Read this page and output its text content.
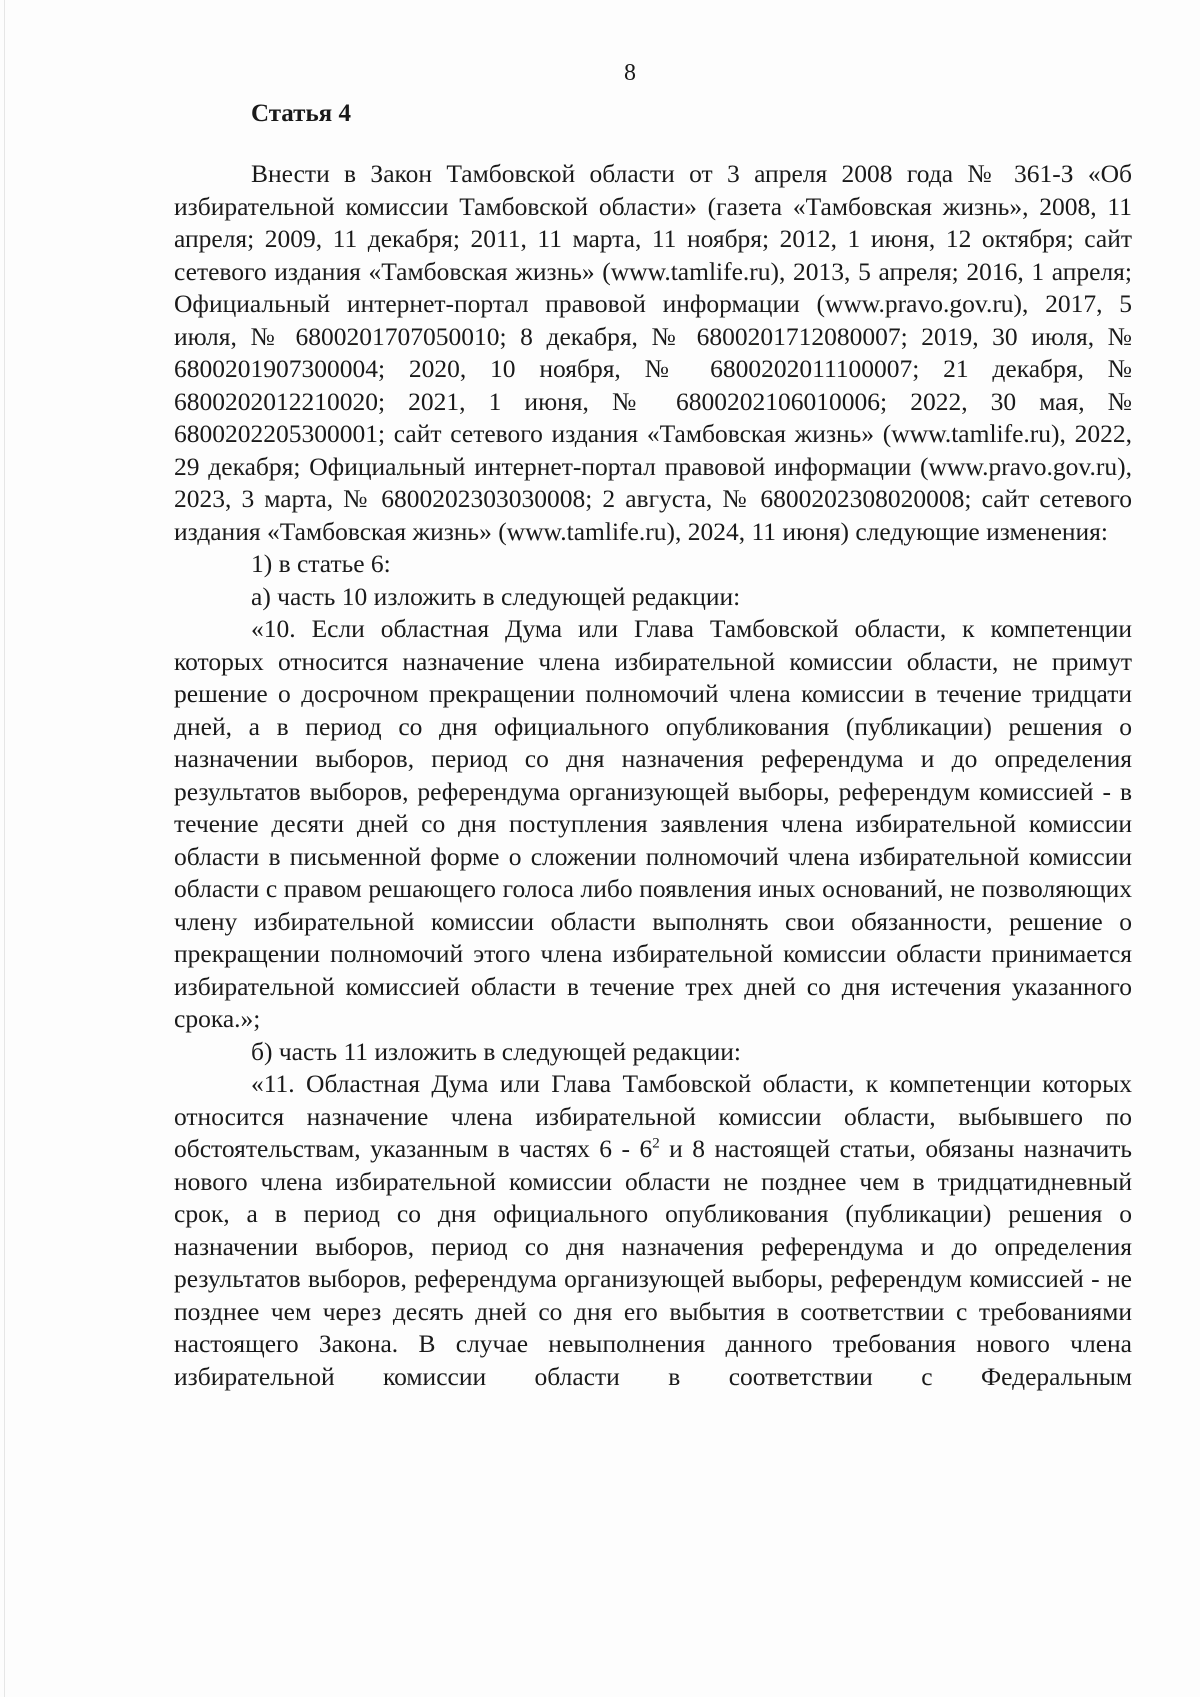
8
Статья 4

Внести в Закон Тамбовской области от 3 апреля 2008 года № 361-З «Об избирательной комиссии Тамбовской области» (газета «Тамбовская жизнь», 2008, 11 апреля; 2009, 11 декабря; 2011, 11 марта, 11 ноября; 2012, 1 июня, 12 октября; сайт сетевого издания «Тамбовская жизнь» (www.tamlife.ru), 2013, 5 апреля; 2016, 1 апреля; Официальный интернет-портал правовой информации (www.pravo.gov.ru), 2017, 5 июля, № 6800201707050010; 8 декабря, № 6800201712080007; 2019, 30 июля, № 6800201907300004; 2020, 10 ноября, № 6800202011100007; 21 декабря, № 6800202012210020; 2021, 1 июня, № 6800202106010006; 2022, 30 мая, № 6800202205300001; сайт сетевого издания «Тамбовская жизнь» (www.tamlife.ru), 2022, 29 декабря; Официальный интернет-портал правовой информации (www.pravo.gov.ru), 2023, 3 марта, № 6800202303030008; 2 августа, № 6800202308020008; сайт сетевого издания «Тамбовская жизнь» (www.tamlife.ru), 2024, 11 июня) следующие изменения:

1) в статье 6:

а) часть 10 изложить в следующей редакции:

«10. Если областная Дума или Глава Тамбовской области, к компетенции которых относится назначение члена избирательной комиссии области, не примут решение о досрочном прекращении полномочий члена комиссии в течение тридцати дней, а в период со дня официального опубликования (публикации) решения о назначении выборов, период со дня назначения референдума и до определения результатов выборов, референдума организующей выборы, референдум комиссией - в течение десяти дней со дня поступления заявления члена избирательной комиссии области в письменной форме о сложении полномочий члена избирательной комиссии области с правом решающего голоса либо появления иных оснований, не позволяющих члену избирательной комиссии области выполнять свои обязанности, решение о прекращении полномочий этого члена избирательной комиссии области принимается избирательной комиссией области в течение трех дней со дня истечения указанного срока.»;

б) часть 11 изложить в следующей редакции:

«11. Областная Дума или Глава Тамбовской области, к компетенции которых относится назначение члена избирательной комиссии области, выбывшего по обстоятельствам, указанным в частях $6 - 6^2$ и 8 настоящей статьи, обязаны назначить нового члена избирательной комиссии области не позднее чем в тридцатидневный срок, а в период со дня официального опубликования (публикации) решения о назначении выборов, период со дня назначения референдума и до определения результатов выборов, референдума организующей выборы, референдум комиссией - не позднее чем через десять дней со дня его выбытия в соответствии с требованиями настоящего Закона. В случае невыполнения данного требования нового члена избирательной комиссии области в соответствии с Федеральным
